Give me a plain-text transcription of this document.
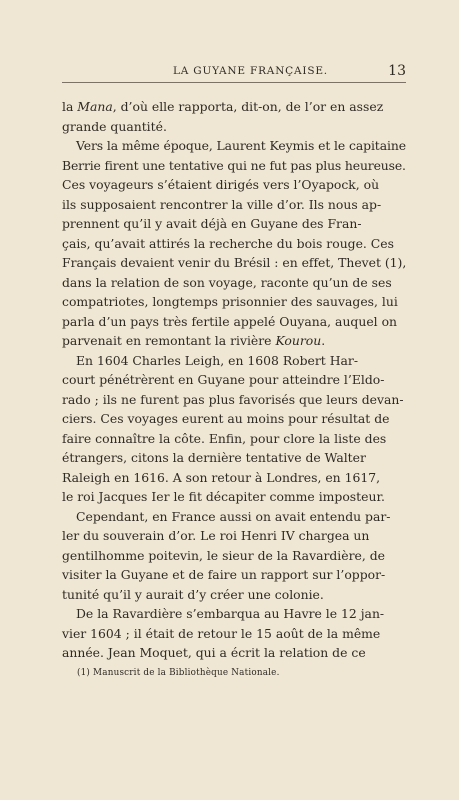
LA GUYANE FRANÇAISE.	13
la Mana, d’où elle rapporta, dit-on, de l’or en assez
grande quantité.
Vers la même époque, Laurent Keymis et le capitaine
Berrie firent une tentative qui ne fut pas plus heureuse.
Ces voyageurs s’étaient dirigés vers l’Oyapock, où
ils supposaient rencontrer la ville d’or. Ils nous ap-
prennent qu’il y avait déjà en Guyane des Fran-
çais, qu’avait attirés la recherche du bois rouge. Ces
Français devaient venir du Brésil : en effet, Thevet (1),
dans la relation de son voyage, raconte qu’un de ses
compatriotes, longtemps prisonnier des sauvages, lui
parla d’un pays très fertile appelé Ouyana, auquel on
parvenait en remontant la rivière Kourou.
En 1604 Charles Leigh, en 1608 Robert Har-
court pénétrèrent en Guyane pour atteindre l’Eldo-
rado ; ils ne furent pas plus favorisés que leurs devan-
ciers. Ces voyages eurent au moins pour résultat de
faire connaître la côte. Enfin, pour clore la liste des
étrangers, citons la dernière tentative de Walter
Raleigh en 1616. A son retour à Londres, en 1617,
le roi Jacques Ier le fit décapiter comme imposteur.
Cependant, en France aussi on avait entendu par-
ler du souverain d’or. Le roi Henri IV chargea un
gentilhomme poitevin, le sieur de la Ravardière, de
visiter la Guyane et de faire un rapport sur l’oppor-
tunité qu’il y aurait d’y créer une colonie.
De la Ravardière s’embarqua au Havre le 12 jan-
vier 1604 ; il était de retour le 15 août de la même
année. Jean Moquet, qui a écrit la relation de ce
(1) Manuscrit de la Bibliothèque Nationale.
